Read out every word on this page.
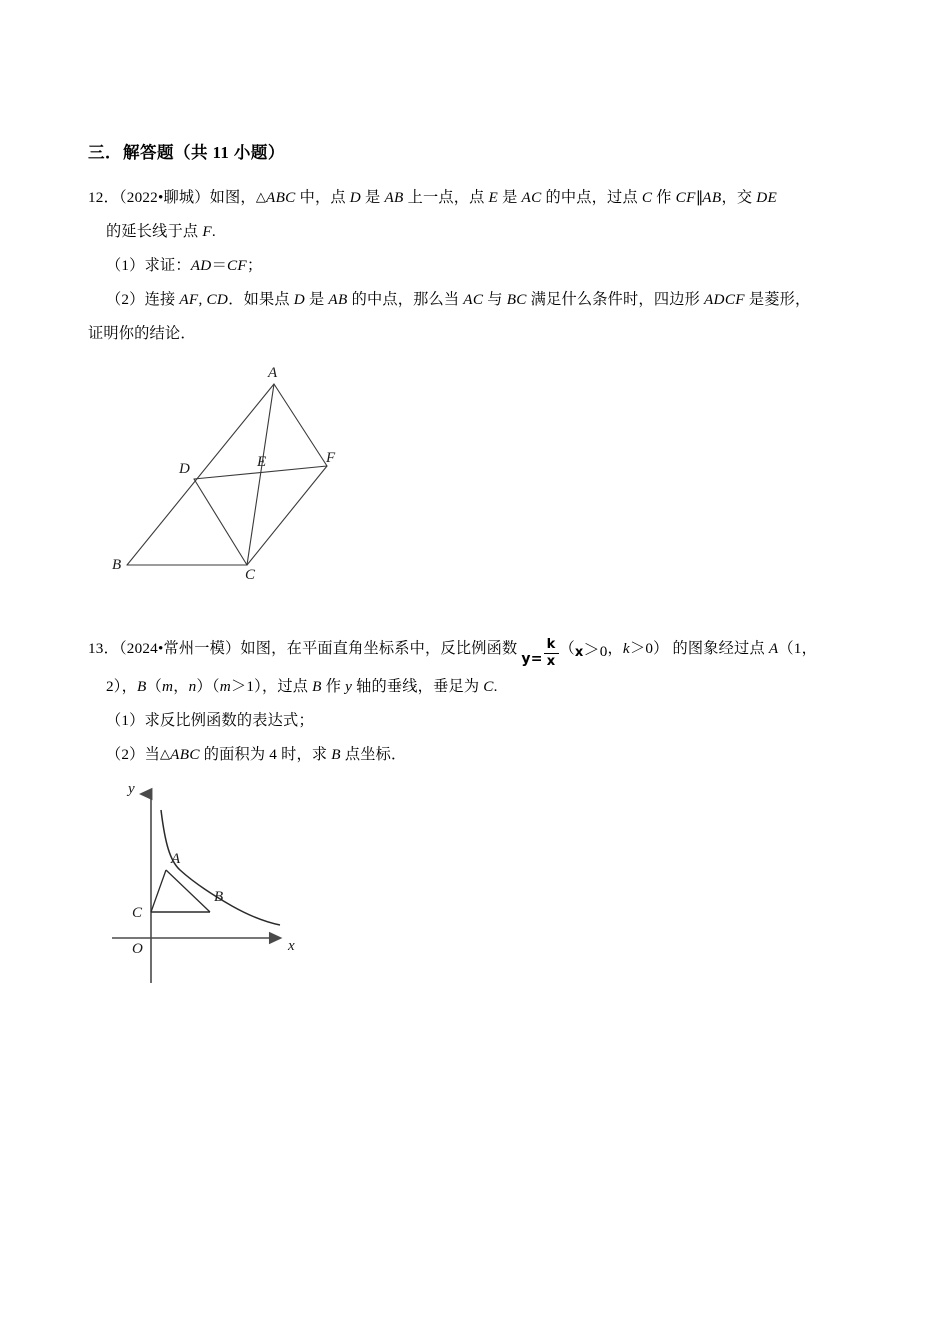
三．解答题（共 11 小题）
12．（2022•聊城）如图，△ABC 中，点 D 是 AB 上一点，点 E 是 AC 的中点，过点 C 作 CF∥AB，交 DE
的延长线于点 F.
（1）求证：AD＝CF；
（2）连接 AF, CD．如果点 D 是 AB 的中点，那么当 AC 与 BC 满足什么条件时，四边形 ADCF 是菱形，
证明你的结论．
A
B
C
D	E	F
13．（2024•常州一模）如图，在平面直角坐标系中，反比例函数 $y= \frac{k}{x} (x>0$，k＞0） 的图象经过点 A（1，
2），B（m，n）（m＞1），过点 B 作 y 轴的垂线，垂足为 C.
（1）求反比例函数的表达式；
（2）当△ABC 的面积为 4 时，求 B 点坐标．
y
x
O
A
B
C
